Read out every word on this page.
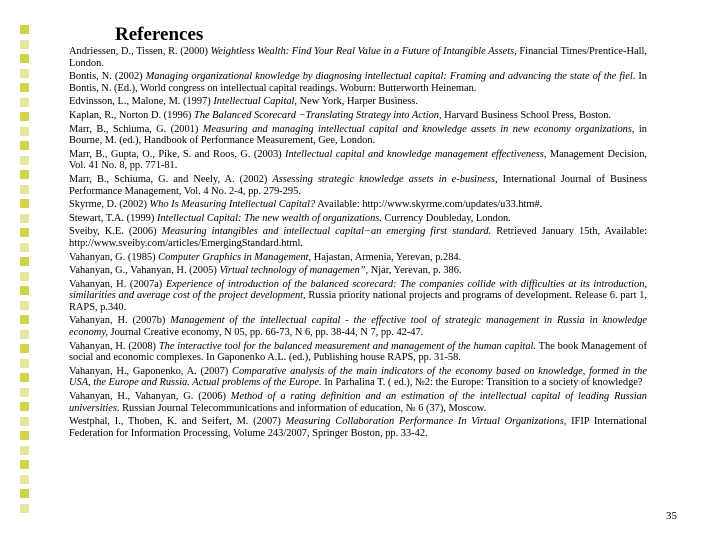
References
Andriessen, D., Tissen, R. (2000) Weightless Wealth: Find Your Real Value in a Future of Intangible Assets, Financial Times/Prentice-Hall, London.
Bontis, N. (2002) Managing organizational knowledge by diagnosing intellectual capital: Framing and advancing the state of the fiel. In Bontis, N. (Ed.), World congress on intellectual capital readings. Woburn: Butterworth Heineman.
Edvinsson, L., Malone, M. (1997) Intellectual Capital, New York, Harper Business.
Kaplan, R., Norton D. (1996) The Balanced Scorecard −Translating Strategy into Action, Harvard Business School Press, Boston.
Marr, B., Schiuma, G. (2001) Measuring and managing intellectual capital and knowledge assets in new economy organizations, in Bourne, M. (ed.), Handbook of Performance Measurement, Gee, London.
Marr, B., Gupta, O., Pike, S. and Roos, G. (2003) Intellectual capital and knowledge management effectiveness, Management Decision, Vol. 41 No. 8, pp. 771-81.
Marr, B., Schiuma, G. and Neely, A. (2002) Assessing strategic knowledge assets in e-business, International Journal of Business Performance Management, Vol. 4 No. 2-4, pp. 279-295.
Skyrme, D. (2002) Who Is Measuring Intellectual Capital? Available: http://www.skyrme.com/updates/u33.htm#.
Stewart, T.A. (1999) Intellectual Capital: The new wealth of organizations. Currency Doubleday, London.
Sveiby, K.E. (2006) Measuring intangibles and intellectual capital−an emerging first standard. Retrieved January 15th, Available: http://www.sveiby.com/articles/EmergingStandard.html.
Vahanyan, G. (1985) Computer Graphics in Management, Hajastan, Armenia, Yerevan, p.284.
Vahanyan, G., Vahanyan, H. (2005) Virtual technology of managemen”, Njar, Yerevan, p. 386.
Vahanyan, H. (2007a) Experience of introduction of the balanced scorecard: The companies collide with difficulties at its introduction, similarities and average cost of the project development, Russia priority national projects and programs of development. Release 6. part 1, RAPS, p.340.
Vahanyan, H. (2007b) Management of the intellectual capital - the effective tool of strategic management in Russia in knowledge economy, Journal Creative economy, N 05, pp. 66-73, N 6, pp. 38-44, N 7, pp. 42-47.
Vahanyan, H. (2008) The interactive tool for the balanced measurement and management of the human capital. The book Management of social and economic complexes. In Gaponenko A.L. (ed.), Publishing house RAPS, pp. 31-58.
Vahanyan, H., Gaponenko, A. (2007) Comparative analysis of the main indicators of the economy based on knowledge, formed in the USA, the Europe and Russia. Actual problems of the Europe. In Parhalina T. ( ed.), №2: the Europe: Transition to a society of knowledge?
Vahanyan, H., Vahanyan, G. (2006) Method of a rating definition and an estimation of the intellectual capital of leading Russian universities. Russian Journal Telecommunications and information of education, № 6 (37), Moscow.
Westphal, I., Thoben, K. and Seifert, M. (2007) Measuring Collaboration Performance In Virtual Organizations, IFIP International Federation for Information Processing, Volume 243/2007, Springer Boston, pp. 33-42.
35
